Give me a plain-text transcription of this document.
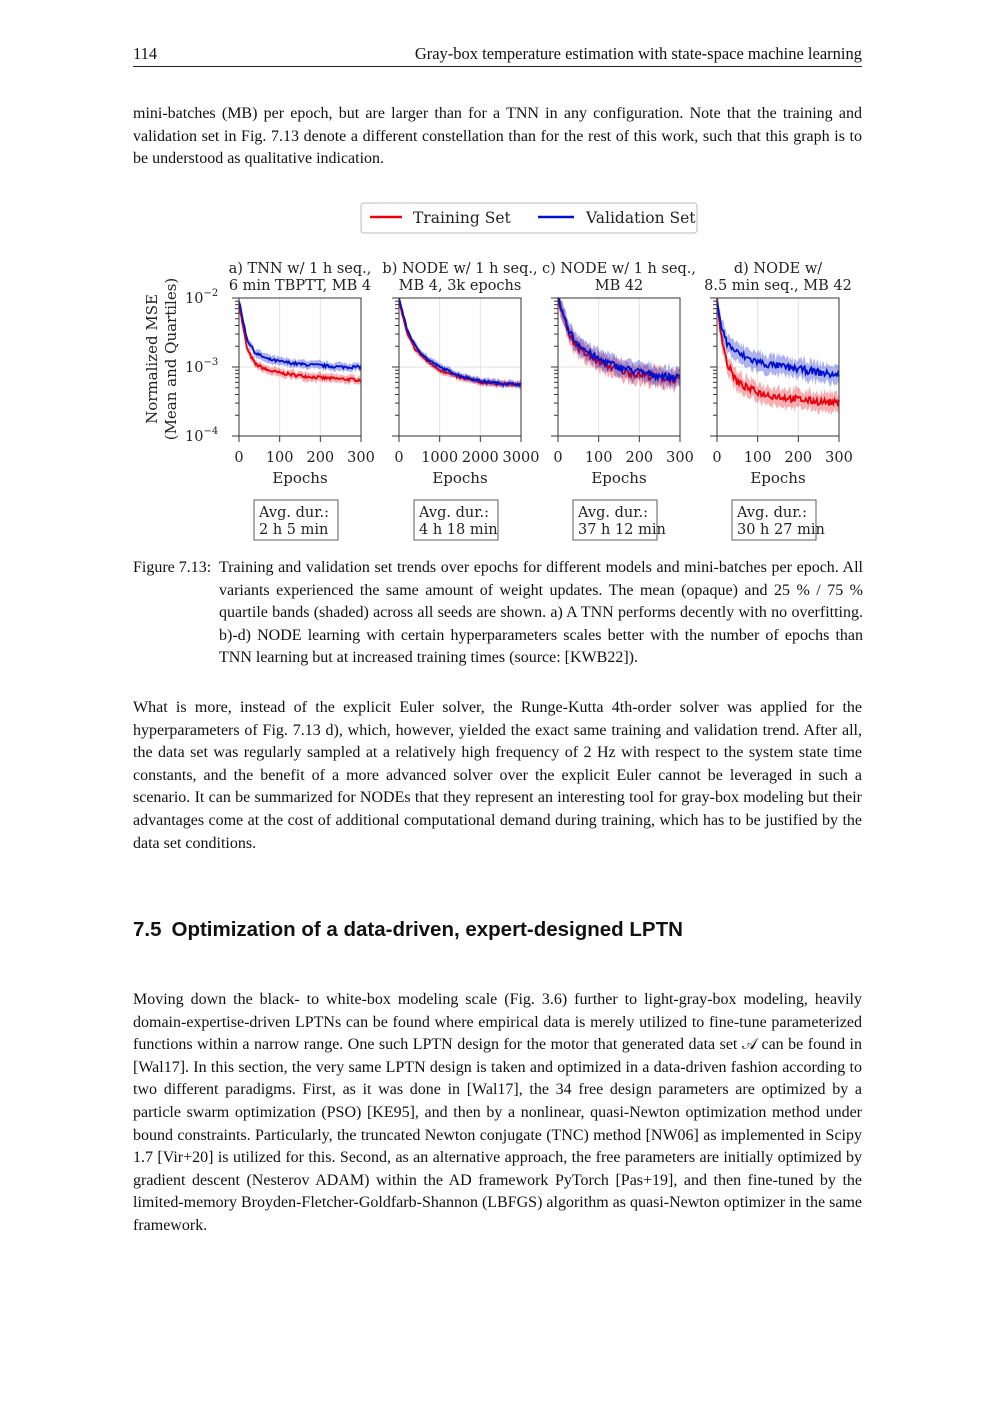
114	Gray-box temperature estimation with state-space machine learning

mini-batches (MB) per epoch, but are larger than for a TNN in any configuration. Note that the training and validation set in Fig. 7.13 denote a different constellation than for the rest of this work, such that this graph is to be understood as qualitative indication.

Training Set	Validation Set
Normalized MSE (Mean and Quartiles) $10^{-2}$
$10^{-3}$
$10^{-4}$
a) TNN w/ 1 h seq.,
6 min TBPTT, MB 4
0 100 200 300
Epochs
Avg. dur.:
2 h 5 min
b) NODE w/ 1 h seq.,
MB 4, 3k epochs
0 1000 2000 3000
Epochs
Avg. dur.:
4 h 18 min
c) NODE w/ 1 h seq.,
MB 42
0 100 200 300
Epochs
Avg. dur.:
37 h 12 min
d) NODE w/
8.5 min seq., MB 42
0 100 200 300
Epochs
Avg. dur.:
30 h 27 min
Figure 7.13: Training and validation set trends over epochs for different models and mini-batches per epoch. All variants experienced the same amount of weight updates. The mean (opaque) and 25 % / 75 % quartile bands (shaded) across all seeds are shown. a) A TNN performs decently with no overfitting. b)-d) NODE learning with certain hyperparameters scales better with the number of epochs than TNN learning but at increased training times (source: [KWB22]).

What is more, instead of the explicit Euler solver, the Runge-Kutta 4th-order solver was applied for the hyperparameters of Fig. 7.13 d), which, however, yielded the exact same training and validation trend. After all, the data set was regularly sampled at a relatively high frequency of 2 Hz with respect to the system state time constants, and the benefit of a more advanced solver over the explicit Euler cannot be leveraged in such a scenario. It can be summarized for NODEs that they represent an interesting tool for gray-box modeling but their advantages come at the cost of additional computational demand during training, which has to be justified by the data set conditions.

7.5 Optimization of a data-driven, expert-designed LPTN

Moving down the black- to white-box modeling scale (Fig. 3.6) further to light-gray-box modeling, heavily domain-expertise-driven LPTNs can be found where empirical data is merely utilized to fine-tune parameterized functions within a narrow range. One such LPTN design for the motor that generated data set 𝒜 can be found in [Wal17]. In this section, the very same LPTN design is taken and optimized in a data-driven fashion according to two different paradigms. First, as it was done in [Wal17], the 34 free design parameters are optimized by a particle swarm optimization (PSO) [KE95], and then by a nonlinear, quasi-Newton optimization method under bound constraints. Particularly, the truncated Newton conjugate (TNC) method [NW06] as implemented in Scipy 1.7 [Vir+20] is utilized for this. Second, as an alternative approach, the free parameters are initially optimized by gradient descent (Nesterov ADAM) within the AD framework PyTorch [Pas+19], and then fine-tuned by the limited-memory Broyden-Fletcher-Goldfarb-Shannon (LBFGS) algorithm as quasi-Newton optimizer in the same framework.
